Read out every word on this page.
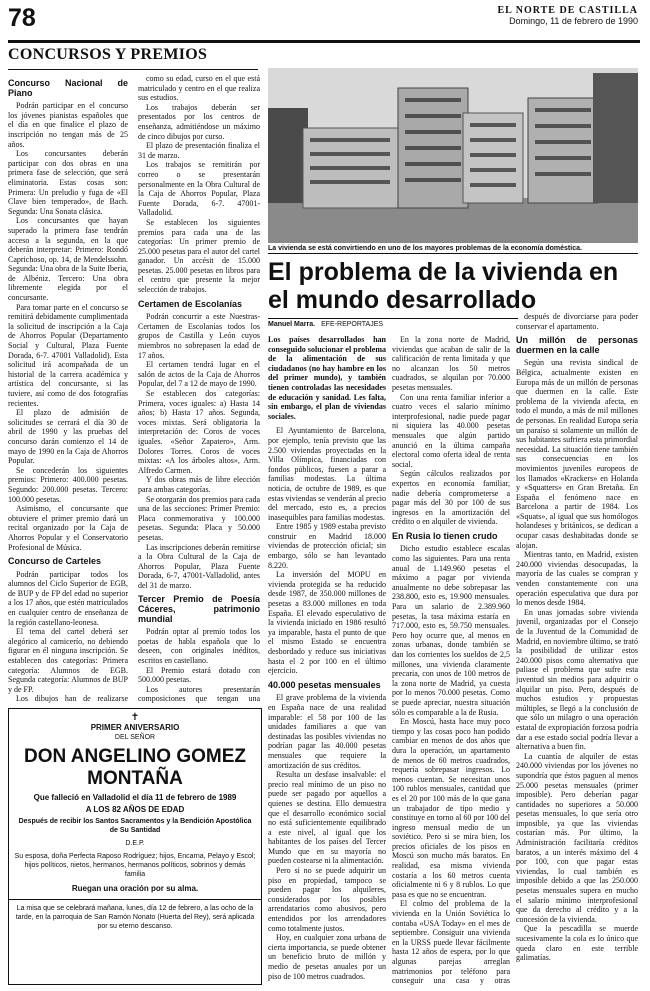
78	EL NORTE DE CASTILLA
Domingo, 11 de febrero de 1990
CONCURSOS Y PREMIOS
Concurso Nacional de Piano

Podrán participar en el concurso los jóvenes pianistas españoles que el día en que finalice el plazo de inscripción no tengan más de 25 años.

Los concursantes deberán participar con dos obras en una primera fase de selección, que será eliminatoria. Estas cosas son: Primera: Un preludio y fuga de «El Clave bien temperado», de Bach. Segunda: Una Sonata clásica.

Los concursantes que hayan superado la primera fase tendrán acceso a la segunda, en la que deberán interpretar: Primero: Rondó Caprichoso, op. 14, de Mendelssohn. Segunda: Una obra de la Suite Iberia, de Albéniz. Tercero: Una obra libremente elegida por el concursante.

Para tomar parte en el concurso se remitirá debidamente cumplimentada la solicitud de inscripción a la Caja de Ahorros Popular (Departamento Social y Cultural, Plaza Fuente Dorada, 6-7. 47001 Valladolid). Esta solicitud irá acompañada de un historial de la carrera académica y artística del concursante, si las tuviere, así como de dos fotografías recientes.

El plazo de admisión de solicitudes se cerrará el día 30 de abril de 1990 y las pruebas del concurso darán comienzo el 14 de mayo de 1990 en la Caja de Ahorros Popular.

Se concederán los siguientes premios: Primero: 400.000 pesetas. Segundo: 200.000 pesetas. Tercero: 100.000 pesetas.

Asimismo, el concursante que obtuviere el primer premio dará un recital organizado por la Caja de Ahorros Popular y el Conservatorio Profesional de Música.

Concurso de Carteles

Podrán participar todos los alumnos del Ciclo Superior de EGB, de BUP y de FP del edad no superior a los 17 años, que estén matriculados en cualquier centro de enseñanza de la región castellano-leonesa.

El tema del cartel deberá ser alegórico al carnicerío, no debiendo figurar en él ninguna inscripción. Se establecen dos categorías: Primera categoría: Alumnos de EGB. Segunda categoría: Alumnos de BUP y de FP.

Los dibujos han de realizarse

como su edad, curso en el que está matriculado y centro en el que realiza sus estudios.

Los trabajos deberán ser presentados por los centros de enseñanza, admitiéndose un máximo de cinco dibujos por curso.

El plazo de presentación finaliza el 31 de marzo.

Los trabajos se remitirán por correo o se presentarán personalmente en la Obra Cultural de la Caja de Ahorros Popular, Plaza Fuente Dorada, 6-7. 47001-Valladolid.

Se establecen los siguientes premios para cada una de las categorías: Un primer premio de 25.000 pesetas para el autor del cartel ganador. Un accésit de 15.000 pesetas. 25.000 pesetas en libros para el centro que presente la mejor selección de trabajos.

Certamen de Escolanías

Podrán concurrir a este Nuestras-Certamen de Escolanías todos los grupos de Castilla y León cuyos miembros no sobrepasen la edad de 17 años.

El certamen tendrá lugar en el salón de actos de la Caja de Ahorros Popular, del 7 a 12 de mayo de 1990.

Se establecen dos categorías: Primera, voces iguales: a) Hasta 14 años; b) Hasta 17 años. Segunda, voces mixtas. Será obligatoria la interpretación de: Coros de voces iguales. «Señor Zapatero», Arm. Dolores Torres. Coros de voces mixtas: «A los árboles altos», Arm. Alfredo Carmen.

Y dos obras más de libre elección para ambas categorías.

Se otorgarán dos premios para cada una de las secciones: Primer Premio: Placa conmemorativa y 100.000 pesetas. Segunda: Placa y 50.000 pesetas.

Las inscripciones deberán remitirse a la Obra Cultural de la Caja de Ahorros Popular, Plaza Fuente Dorada, 6-7, 47001-Valladolid, antes del 31 de marzo.

Tercer Premio de Poesía Cáceres, patrimonio mundial

Podrán optar al premio todos los poetas de habla española que lo deseen, con originales inéditos, escritos en castellano.

El Premio estará dotado con 500.000 pesetas.

Los autores presentarán composiciones que tengan una

La vivienda se está convirtiendo en uno de los mayores problemas de la economía doméstica.
El problema de la vivienda en el mundo desarrollado
Manuel Marra. EFE-REPORTAJES

Los países desarrollados han conseguido solucionar el problema de la alimentación de sus ciudadanos (no hay hambre en los del primer mundo), y también tienen controladas las necesidades de educación y sanidad. Les falta, sin embargo, el plan de viviendas sociales.

El Ayuntamiento de Barcelona, por ejemplo, tenía previsto que las 2.500 viviendas proyectadas en la Villa Olímpica, financiadas con fondos públicos, fuesen a parar a familias modestas. La última noticia, de octubre de 1989, es que estas viviendas se venderán al precio del mercado, esto es, a precios inasequibles para familias modestas.

Entre 1985 y 1989 estaba previsto construir en Madrid 18.000 viviendas de protección oficial; sin embargo, sólo se han levantado 8.220.

La inversión del MOPU en vivienda protegida se ha reducido desde 1987, de 350.000 millones de pesetas a 83.000 millones en toda España. El elevado especulativo de la vivienda iniciado en 1986 resultó ya imparable, hasta el punto de que el mismo Estado se encuentra desbordado y reduce sus iniciativas hasta el 2 por 100 en el último ejercicio.

40.000 pesetas mensuales

El grave problema de la vivienda en España nace de una realidad imparable: el 58 por 100 de las unidades familiares a que van destinadas las posibles viviendas no podrían pagar las 40.000 pesetas mensuales que requiere la amortización de sus créditos.

Resulta un desfase insalvable: el precio real mínimo de un piso no puede ser pagado por aquellos a quienes se destina. Ello demuestra que el desarrollo económico social no está suficientemente equilibrado a este nivel, al igual que los habitantes de los países del Tercer Mundo que en su mayoría no pueden costearse ni la alimentación.

Pero si no se puede adquirir un piso en propiedad, tampoco se pueden pagar los alquileres, considerados por los posibles arrendatarios como abusivos, pero entendidos por los arrendadores como totalmente justos.

Hoy, en cualquier zona urbana de cierta importancia, se puede obtener un beneficio bruto de millón y medio de pesetas anuales por un piso de 100 metros cuadrados.

En la zona norte de Madrid, viviendas que acaban de salir de la calificación de renta limitada y que no alcanzan los 50 metros cuadrados, se alquilan por 70.000 pesetas mensuales.

Con una renta familiar inferior a cuatro veces el salario mínimo interprofesional, nadie puede pagar ni siquiera las 40.000 pesetas mensuales que algún partido anunció en la última campaña electoral como oferta ideal de renta social.

Según cálculos realizados por expertos en economía familiar, nadie debería comprometerse a pagar más del 30 por 100 de sus ingresos en la amortización del crédito o en alquiler de vivienda.

En Rusia lo tienen crudo

Dicho estudio establece escalas como las siguientes. Para una renta anual de 1.149.960 pesetas el máximo a pagar por vivienda anualmente no debe sobrepasar las 238.800, esto es, 19.900 mensuales. Para un salario de 2.389.960 pesetas, la tasa máxima estaría en 717.000, esto es, 59.750 mensuales. Pero hoy ocurre que, al menos en zonas urbanas, donde también se dan los corrientes los sueldos de 2,5 millones, una vivienda claramente precaria, con unos de 100 metros de la zona norte de Madrid, ya cuesta por lo menos 70.000 pesetas. Como se puede apreciar, nuestra situación sólo es comparable a la de Rusia.

En Moscú, hasta hace muy poco tiempo y las cosas poco han podido cambiar en menos de dos años que dura la operación, un apartamento de menos de 60 metros cuadrados, requería sobrepasar ingresos. Lo menos cuentan. Se necesitan unos 100 rublos mensuales, cantidad que es el 20 por 100 más de lo que gana un trabajador de tipo medio y constituye en torno al 60 por 100 del ingreso mensual medio de un soviético. Pero si se mira bien, los precios oficiales de los pisos en Moscú son mucho más baratos. En realidad, esa misma vivienda costaría a los 60 metros cuenta oficialmente ni 6 y 8 rublos. Lo que pasa es que no se encuentran.

El colmo del problema de la vivienda en la Unión Soviética lo contaba «USA Today» en el mes de septiembre. Consiguir una vivienda en la URSS puede llevar fácilmente hasta 12 años de espera, por lo que algunas parejas arreglan matrimonios por teléfono para conseguir una casa y otras

después de divorciarse para poder conservar el apartamento.

Un millón de personas duermen en la calle

Según una revista sindical de Bélgica, actualmente existen en Europa más de un millón de personas que duermen en la calle. Este problema de la vivienda afecta, en todo el mundo, a más de mil millones de personas. En realidad Europa sería un paraíso si solamente un millón de sus habitantes sufriera esta primordial necesidad. La situación tiene también sus consecuencias en los movimientos juveniles europeos de los llamados «Krackers» en Holanda y «Squatters» en Gran Bretaña. En España el fenómeno nace en Barcelona a partir de 1984. Los «Squats», al igual que sus homólogos holandeses y británicos, se dedican a ocupar casas deshabitadas donde se alojan.

Mientras tanto, en Madrid, existen 240.000 viviendas desocupadas, la mayoría de las cuales se compran y venden constantemente con una operación especulativa que dura por lo menos desde 1984.

En unas jornadas sobre vivienda juvenil, organizadas por el Consejo de la Juventud de la Comunidad de Madrid, en noviembre último, se trató la posibilidad de utilizar estos 240.000 pisos como alternativa que paliase el problema que sufre esta juventud sin medios para adquirir o alquilar un piso. Pero, después de muchos estudios y propuestas múltiples, se llegó a la conclusión de que sólo un milagro o una operación estatal de expropiación forzosa podría dar a ese estado social podría llevar a alternativa a buen fin.

La cuantía de alquiler de estas 240.000 viviendas por los jóvenes no supondría que éstos paguen al menos 25.000 pesetas mensuales (primer imposible). Pero deberían pagar cantidades no superiores a 50.000 pesetas mensuales, lo que sería otro imposible, ya que las viviendas costarían más. Por último, la Administración facilitaría créditos baratos, a un interés máximo del 4 por 100, con que pagar estas viviendas, lo cual también es imposible debido a que las 250.000 pesetas mensuales supera en mucho el salario mínimo interprofesional que da derecho al crédito y a la concesión de la vivienda.

Que la pescadilla se muerde sucesivamente la cola es lo único que queda claro en este terrible galimatías.

✝
PRIMER ANIVERSARIO
DEL SEÑOR
DON ANGELINO GOMEZ MONTAÑA
Que falleció en Valladolid el día 11 de febrero de 1989
A LOS 82 AÑOS DE EDAD
Después de recibir los Santos Sacramentos y la Bendición Apostólica de Su Santidad
D.E.P.
Su esposa, doña Perfecta Raposo Rodríguez; hijos, Encarna, Pelayo y Escol; hijos políticos, nietos, hermanos, hermanos políticos, sobrinos y demás familia
Ruegan una oración por su alma.
La misa que se celebrará mañana, lunes, día 12 de febrero, a las ocho de la tarde, en la parroquia de San Ramón Nonato (Huerta del Rey), será aplicada por su eterno descanso.
